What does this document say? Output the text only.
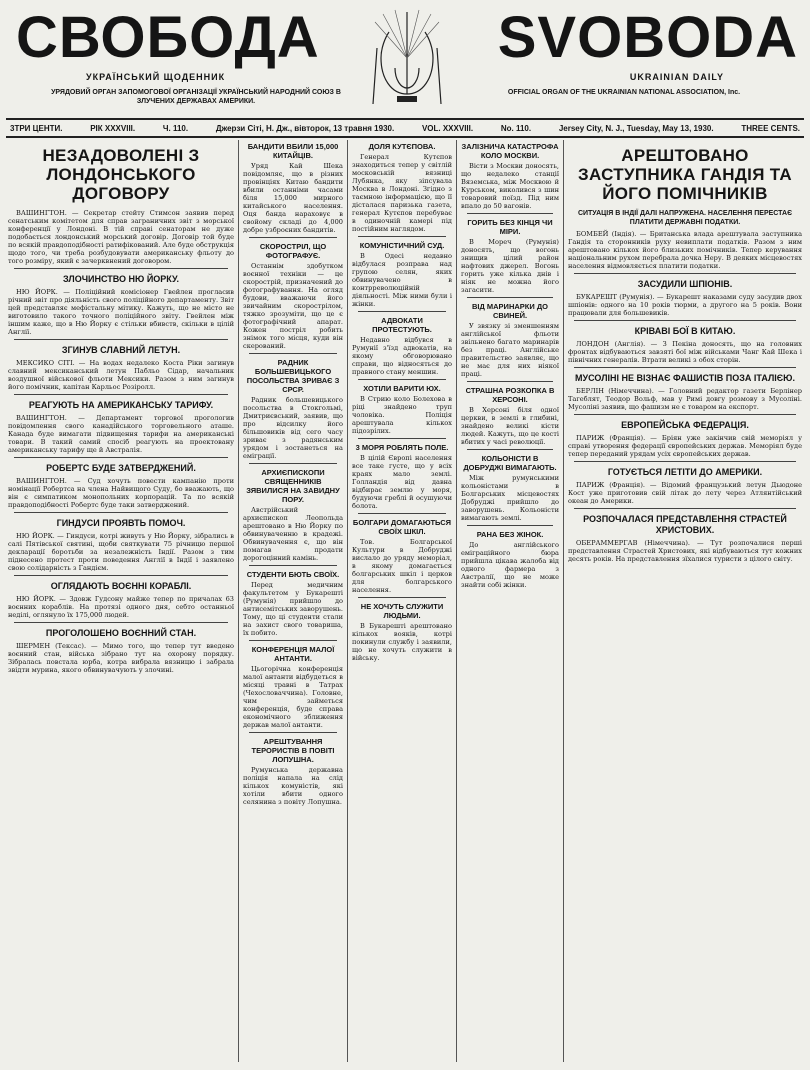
СВОБОДА	SVOBODA
УКРАЇНСЬКИЙ ЩОДЕННИК	UKRAINIAN DAILY
УРЯДОВИЙ ОРГАН ЗАПОМОГОВОЇ ОРГАНІЗАЦІЇ УКРАЇНСЬКИЙ НАРОДНИЙ СОЮЗ В ЗЛУЧЕНИХ ДЕРЖАВАХ АМЕРИКИ.
OFFICIAL ORGAN OF THE UKRAINIAN NATIONAL ASSOCIATION, Inc.
3ТРИ ЦЕНТИ.	РІК XXXVIII.	Ч. 110.	Джерзи Сіті, Н. Дж., вівторок, 13 травня 1930.	VOL. XXXVIII.	No. 110.	Jersey City, N. J., Tuesday, May 13, 1930.	THREE CENTS.
НЕЗАДОВОЛЕНІ З ЛОНДОНСЬКОГО ДОГОВОРУ

ВАШИНГТОН. — Секретар стейту Стимсон заявив перед сенатським комітетом для справ заграничних звіт з морської конференції у Лондоні. В тій справі сенаторам не дуже подобається лондонський морський договір. Договір той буде по всякій правдоподібності ратифікований. Але буде обструкція щодо того, чи треба розбудовувати американську фльоту до того розміру, який є зачерквнений договором.

ЗЛОЧИНСТВО НЮ ЙОРКУ.

НЮ ЙОРК. — Поліційний комісіонер Гвейлен прогласив річний звіт про діяльність свого поліційного департаменту. Звіт цей представляє мефістальну мітику. Кажуть, що не місто не виготовило такого точного поліційного звіту. Гвейлен між іншим каже, що в Ню Йорку є стільки вбивств, скільки в цілій Англії.

ЗГИНУВ СЛАВНИЙ ЛЕТУН.

МЕКСИКО СІТІ. — На водах недалеко Коста Ріки загинув славний мексиканський летун Пабльо Сідар, начальник воздушної військової фльоти Мексики. Разом з ним загинув його помічник, капітан Карльос Розіролл.

РЕАГУЮТЬ НА АМЕРИКАНСЬКУ ТАРИФУ.

ВАШИНГТОН. — Департамент торгової прогологив повідомлення свого канадійського торговельного аташе. Канада буде вимагати підвищення тарифи на американські товари. В такий самий спосіб реагують на проектовану американську тарифу ще й Австралія.

РОБЕРТС БУДЕ ЗАТВЕРДЖЕНИЙ.

ВАШИНГТОН. — Суд хочуть повести кампанію проти номінації Робертса на члена Найвищого Суду, бо вважають, що він є симпатиком монопольних корпорацій. Та по всякій правдоподібності Робертс буде таки затверджений.

ГИНДУСИ ПРОЯВТЬ ПОМОЧ.

НЮ ЙОРК. — Гиндуси, котрі живуть у Ню Йорку, зібрались в салі Пятівської святині, щоби святкувати 75 річницю першої декларації боротьби за незалежність Індії. Разом з тим піднесено протест проти поведення Англії в Індії і заявлено свою солідарність з Гандієм.

ОГЛЯДАЮТЬ ВОЄННІ КОРАБЛІ.

НЮ ЙОРК. — Здовж Гудсону майже тепер по причалах 63 воєнних кораблів. На протязі одного дня, себто останньої неділі, оглянуло їх 175,000 людей.

ПРОГОЛОШЕНО ВОЄННИЙ СТАН.

ШЕРМЕН (Тексас). — Мимо того, що тепер тут введено воєнний стан, війська зібрано тут на охорону порядку. Зібралась повстала юрба, котра вибрала вязницю і забрала звідти мурина, якого обвинувачують у злочині.

БАНДИТИ ВБИЛИ 15,000 КИТАЙЦІВ.

Уряд Кай Шека повідомляє, що в різних провінціях Китаю бандити вбили останніми часами біля 15,000 мирного китайського населення. Оця банда нараховує в свойому складі до 4,000 добре узброєних бандитів.

СКОРОСТРІЛ, ЩО ФОТОГРАФУЄ.

Останнім здобутком воєнної техніки — це скорострій, призначений до фотографування. На огляд будови, вважаючи його звичайним скорострілом, тяжко зрозуміти, що це є фотографічний апарат. Кожен постріл робить знімок того місця, куди він скерований.

РАДНИК БОЛЬШЕВИЦЬКОГО ПОСОЛЬСТВА ЗРИВАЄ З СРСР.

Радник большевицького посольства в Стокгольмі, Дмитриєвський, заявив, що про відсилку його більшовиків від сего часу зриває з радянським урядом і зостанеться на еміграції.

АРХИЄПИСКОПИ СВЯЩЕННИКІВ ЗЯВИЛИСЯ НА ЗАВИДНУ ПОРУ.

Австрійський архиєпископ Леопольда арештовано в Ню Йорку по обвинуваченню в крадежі. Обвинувачення є, що він помагав продати дорогоцінний камінь.

СТУДЕНТИ БЮТЬ СВОЇХ.

Перед медичним факультетом у Букарешті (Румунія) прийшло до антисемітських заворушень. Тому, що ці студенти стали на захист свого товариша, їх побито.

КОНФЕРЕНЦІЯ МАЛОЇ АНТАНТИ.

Цьогорічна конференція малої антанти відбудеться в місяці травні в Татрах (Чехословаччина). Головне, чим займеться конференція, буде справа економічного зближення держав малої антанти.

АРЕШТУВАННЯ ТЕРОРИСТІВ В ПОВІТІ ЛОПУШНА.

Румунська державна поліція напала на слід кількох комуністів, які хотіли вбити одного селянина з повіту Лопушна.

ДОЛЯ КУТЄПОВА.

Генерал Кутєпов знаходиться тепер у світлій московській вязниці Лубянка, яку зіпсувала Москва в Лондоні. Згідно з таємною інформацією, що її дісталася паризька газета, генерал Кутєпов перебуває в одиночній камері під постійним наглядом.

КОМУНІСТИЧНИЙ СУД.

В Одесі недавно відбулася розправа над групою селян, яких обвинувачено в контрреволюційній діяльності. Між ними були і жінки.

АДВОКАТИ ПРОТЕСТУЮТЬ.

Недавно відбувся в Румунії з'їзд адвокатів, на якому обговорювано справи, що відносяться до правного стану меншин.

ХОТІЛИ ВАРИТИ ЮХ.

В Стрию коло Болехова в ріці знайдено труп чоловіка. Поліція арештувала кількох підозрілих.

3 МОРЯ РОБЛЯТЬ ПОЛЕ.

В цілій Європі населення все таке густе, що у всіх краях мало землі. Голландія від давна відбирає землю у моря, будуючи греблі й осушуючи болота.

БОЛГАРИ ДОМАГАЮТЬСЯ СВОЇХ ШКІЛ.

Тов. Болгарської Культури в Добруджі вислало до уряду меморіал, в якому домагається болгарських шкіл і церков для болгарського населення.

НЕ ХОЧУТЬ СЛУЖИТИ ЛЮДЬМИ.

В Букарешті арештовано кількох вояків, котрі покинули службу і заявили, що не хочуть служити в війську.

ЗАЛІЗНИЧА КАТАСТРОФА КОЛО МОСКВИ.

Вісти з Москви доносять, що недалеко станції Вяземська, між Москвою й Курськом, виколився з шин товаровий поїзд. Під ним впало до 50 вагонів.

ГОРИТЬ БЕЗ КІНЦЯ ЧИ МІРИ.

В Мореч (Румунія) доносять, що вогонь знищив цілий район нафтових джерел. Вогонь горить уже кілька днів і ніяк не можна його загасити.

ВІД МАРИНАРКИ ДО СВИНЕЙ.

У звязку зі зменшенням англійської фльоти звільнено багато маринарів без праці. Англійське правительство заявляє, що не має для них ніякої праці.

СТРАШНА РОЗКОПКА В ХЕРСОНІ.

В Херсоні біля одної церкви, в землі в глибині, знайдено великі кісти людей. Кажуть, що це кості вбитих у часі революції.

КОЛЬОНІСТИ В ДОБРУДЖІ ВИМАГАЮТЬ.

Між румунськими кольоністами в Болгарських місцевостях Добруджі прийшло до заворушень. Кольоністи вимагають землі.

РАНА БЕЗ ЖІНОК.

До англійського еміграційного бюра прийшла цікава жалоба від одного фармера з Австралії, що не може знайти собі жінки.

АРЕШТОВАНО ЗАСТУПНИКА ГАНДІЯ ТА ЙОГО ПОМІЧНИКІВ
СИТУАЦІЯ В ІНДІЇ ДАЛІ НАПРУЖЕНА. НАСЕЛЕННЯ ПЕРЕСТАЄ ПЛАТИТИ ДЕРЖАВНІ ПОДАТКИ.

БОМБЕЙ (Індія). — Британська влада арештувала заступника Гандія та сторонників руху невиплати податків. Разом з ним арештовано кількох його близьких помічників. Тепер керування національним рухом перебрала дочка Неру. В деяких місцевостях населення відмовляється платити податки.

ЗАСУДИЛИ ШПІОНІВ.

БУКАРЕШТ (Румунія). — Букарешт наказами суду засудив двох шпіонів: одного на 10 років тюрми, а другого на 5 років. Вони працювали для большевиків.

КРІВАВІ БОЇ В КИТАЮ.

ЛОНДОН (Англія). — З Пекіна доносять, що на головних фронтах відбуваються завзяті бої між військами Чанг Кай Шека і північних генералів. Втрати великі з обох сторін.

МУСОЛІНІ НЕ ВІЗНАЄ ФАШИСТІВ ПОЗА ІТАЛІЄЮ.

БЕРЛІН (Німеччина). — Головний редактор газети Берлінер Тагеблят, Теодор Вольф, мав у Римі довгу розмову з Мусоліні. Мусоліні заявив, що фашизм не є товаром на експорт.

ЕВРОПЕЙСЬКА ФЕДЕРАЦІЯ.

ПАРИЖ (Франція). — Бріян уже закінчив свій меморіял у справі утворення федерації європейських держав. Меморіял буде тепер переданий урядам усіх європейських держав.

ГОТУЄТЬСЯ ЛЕТІТИ ДО АМЕРИКИ.

ПАРИЖ (Франція). — Відомий французький летун Дьюдоне Кост уже приготовив свій літак до лету через Атлянтійський океан до Америки.

РОЗПОЧАЛАСЯ ПРЕДСТАВЛЕННЯ СТРАСТЕЙ ХРИСТОВИХ.

ОБЕРАММЕРГАВ (Німеччина). — Тут розпочалися перші представлення Страстей Христових, які відбуваються тут кожних десять років. На представлення зїхалися туристи з цілого світу.
